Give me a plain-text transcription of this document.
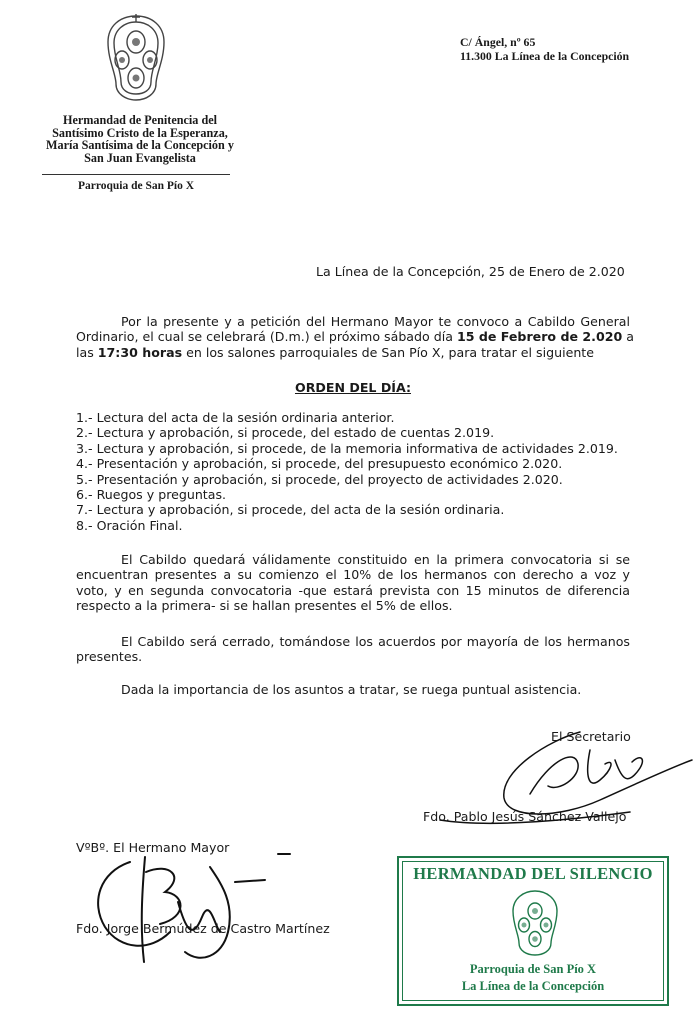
Hermandad de Penitencia del
Santísimo Cristo de la Esperanza,
María Santísima de la Concepción y
San Juan Evangelista
Parroquia de San Pío X
C/ Ángel, nº 65
11.300 La Línea de la Concepción
La Línea de la Concepción, 25 de Enero de 2.020
Por la presente y a petición del Hermano Mayor te convoco a Cabildo General
Ordinario, el cual se celebrará (D.m.) el próximo sábado día 15 de Febrero de 2.020 a
las 17:30 horas en los salones parroquiales de San Pío X, para tratar el siguiente
ORDEN DEL DÍA:
1.- Lectura del acta de la sesión ordinaria anterior.
2.- Lectura y aprobación, si procede, del estado de cuentas 2.019.
3.- Lectura y aprobación, si procede, de la memoria informativa de actividades 2.019.
4.- Presentación y aprobación, si procede, del presupuesto económico 2.020.
5.- Presentación y aprobación, si procede, del proyecto de actividades 2.020.
6.- Ruegos y preguntas.
7.- Lectura y aprobación, si procede, del acta de la sesión ordinaria.
8.- Oración Final.
El Cabildo quedará válidamente constituido en la primera convocatoria si se
encuentran presentes a su comienzo el 10% de los hermanos con derecho a voz y
voto, y en segunda convocatoria -que estará prevista con 15 minutos de diferencia
respecto a la primera- si se hallan presentes el 5% de ellos.
El Cabildo será cerrado, tomándose los acuerdos por mayoría de los hermanos
presentes.
Dada la importancia de los asuntos a tratar, se ruega puntual asistencia.
El Secretario
Fdo. Pablo Jesús Sánchez Vallejo
VºBº. El Hermano Mayor
Fdo. Jorge Bermúdez de Castro Martínez
HERMANDAD DEL SILENCIO
Parroquia de San Pío X
La Línea de la Concepción
